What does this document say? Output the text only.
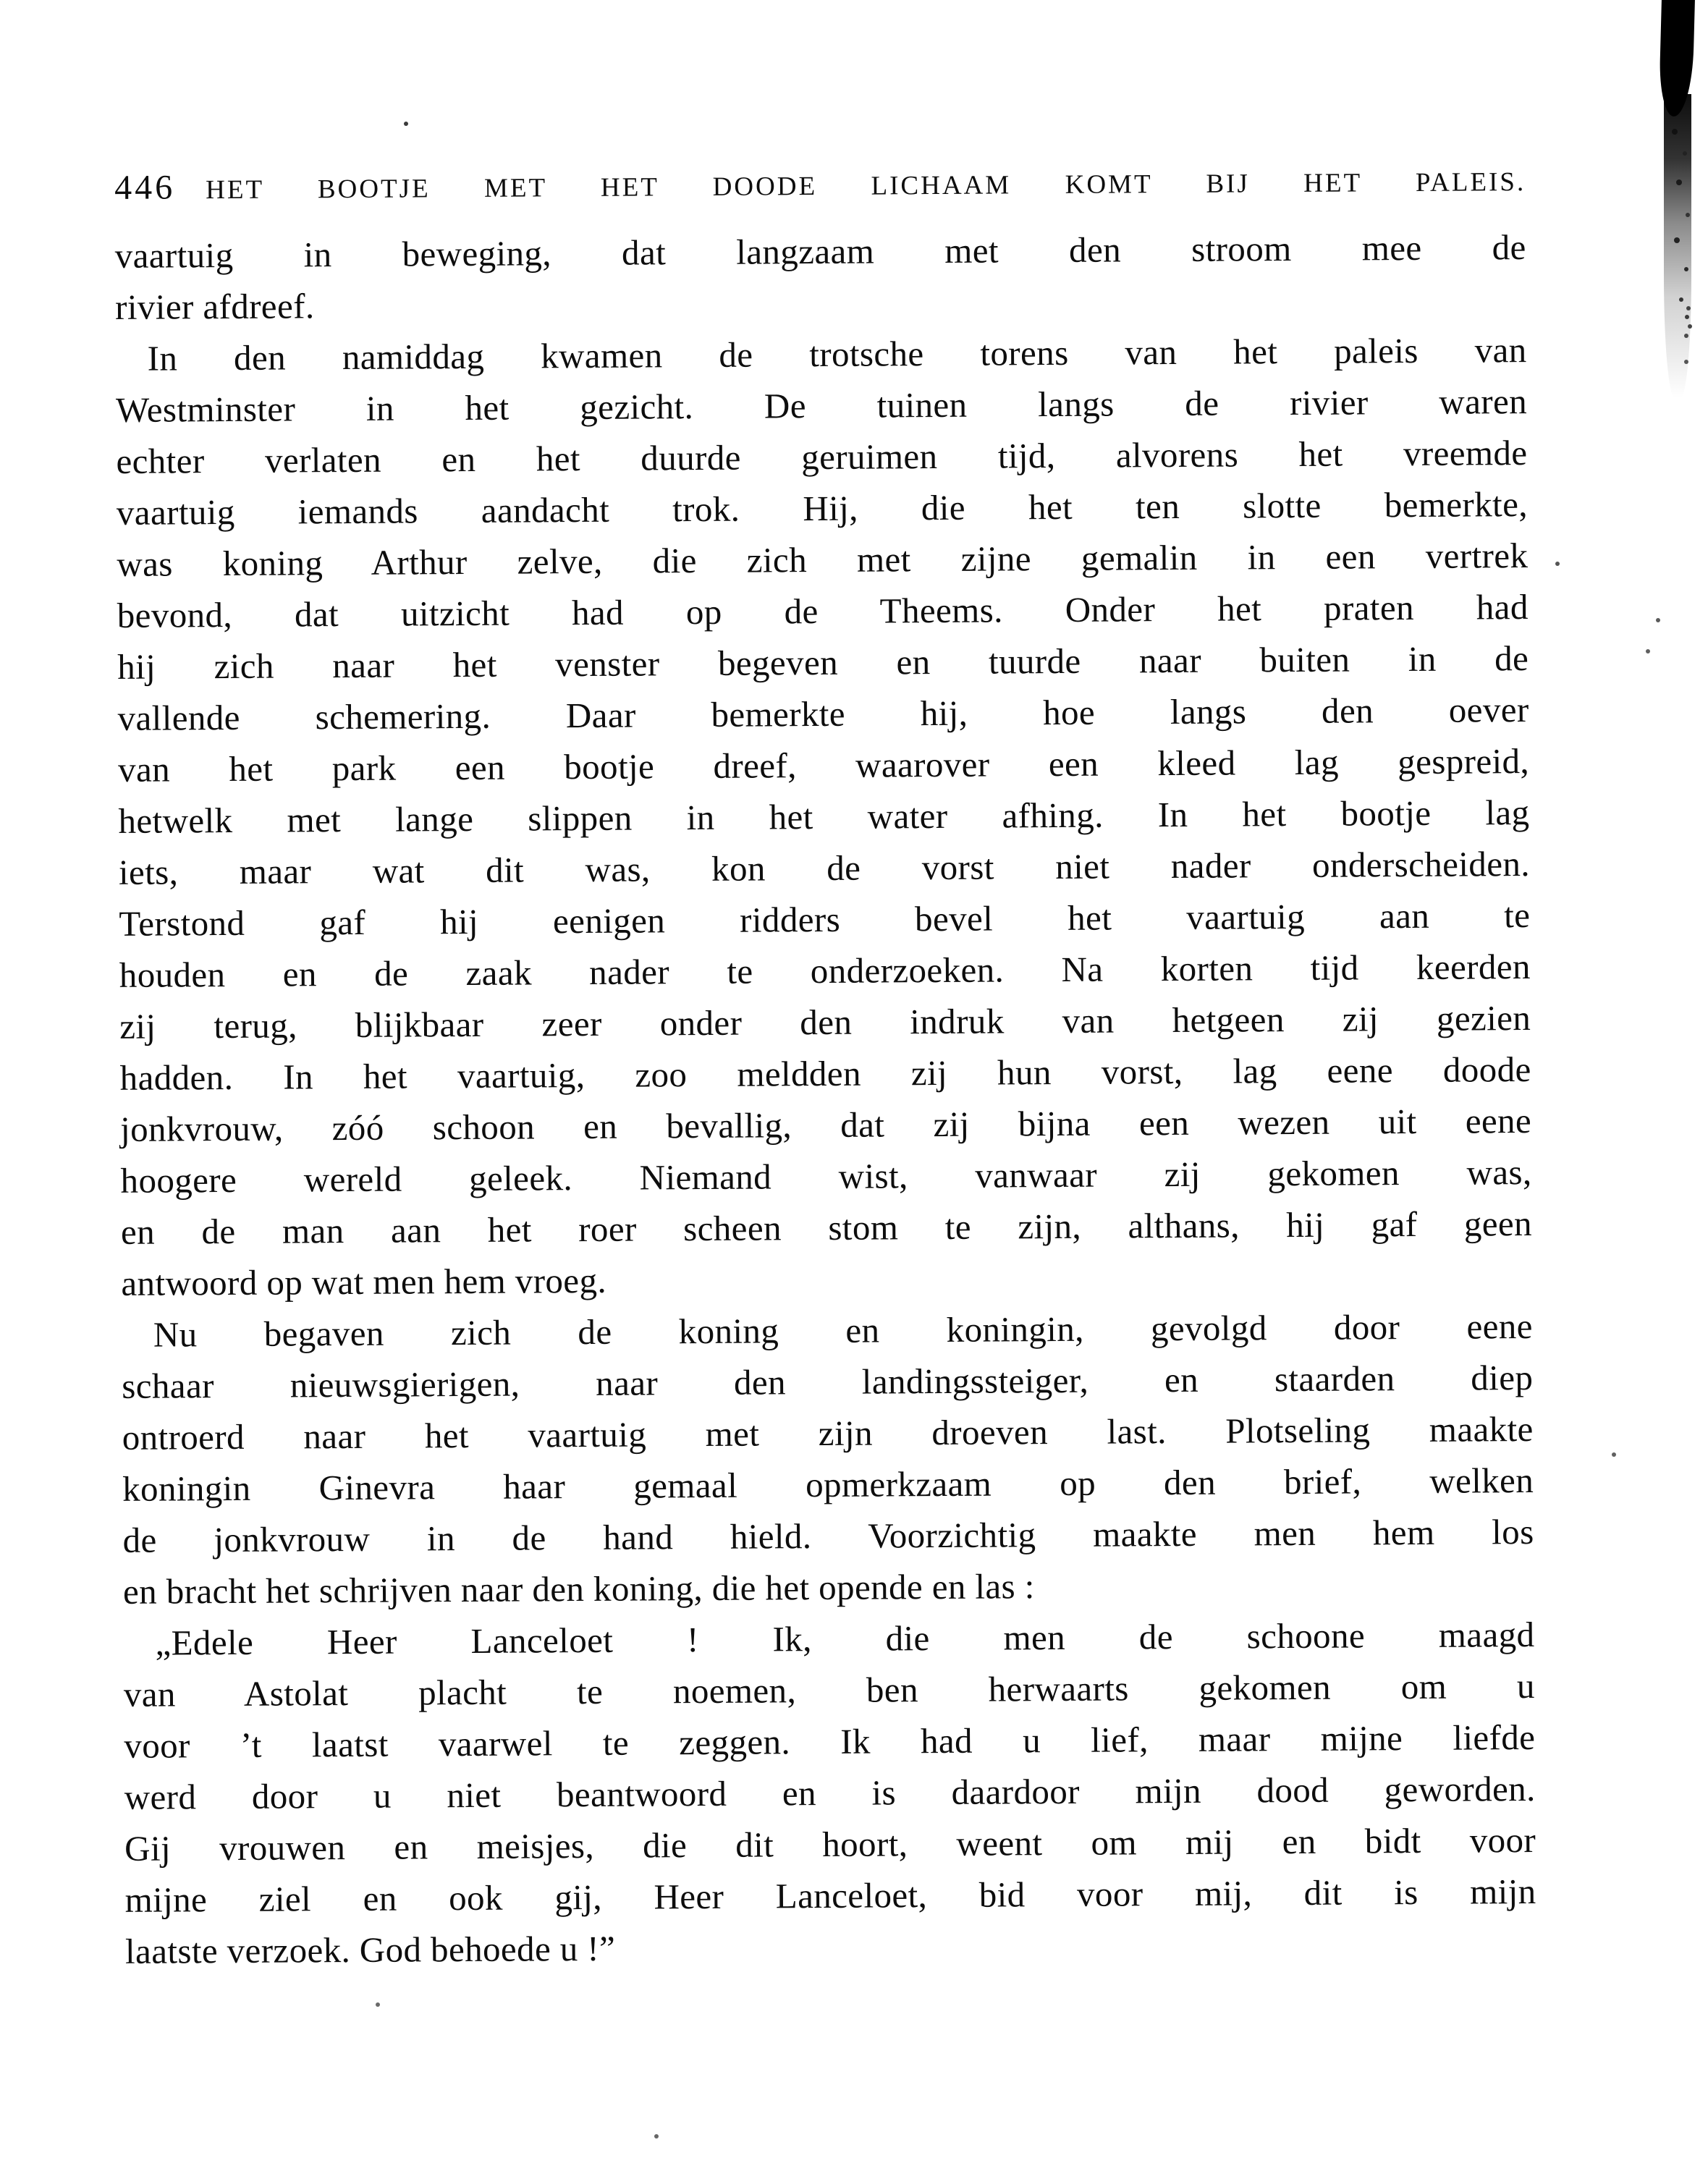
446 HET BOOTJE MET HET DOODE LICHAAM KOMT BIJ HET PALEIS.
vaartuig in beweging, dat langzaam met den stroom mee de
rivier afdreef.
In den namiddag kwamen de trotsche torens van het paleis van
Westminster in het gezicht. De tuinen langs de rivier waren
echter verlaten en het duurde geruimen tijd, alvorens het vreemde
vaartuig iemands aandacht trok. Hij, die het ten slotte bemerkte,
was koning Arthur zelve, die zich met zijne gemalin in een vertrek
bevond, dat uitzicht had op de Theems. Onder het praten had
hij zich naar het venster begeven en tuurde naar buiten in de
vallende schemering. Daar bemerkte hij, hoe langs den oever
van het park een bootje dreef, waarover een kleed lag gespreid,
hetwelk met lange slippen in het water afhing. In het bootje lag
iets, maar wat dit was, kon de vorst niet nader onderscheiden.
Terstond gaf hij eenigen ridders bevel het vaartuig aan te
houden en de zaak nader te onderzoeken. Na korten tijd keerden
zij terug, blijkbaar zeer onder den indruk van hetgeen zij gezien
hadden. In het vaartuig, zoo meldden zij hun vorst, lag eene doode
jonkvrouw, zóó schoon en bevallig, dat zij bijna een wezen uit eene
hoogere wereld geleek. Niemand wist, vanwaar zij gekomen was,
en de man aan het roer scheen stom te zijn, althans, hij gaf geen
antwoord op wat men hem vroeg.
Nu begaven zich de koning en koningin, gevolgd door eene
schaar nieuwsgierigen, naar den landingssteiger, en staarden diep
ontroerd naar het vaartuig met zijn droeven last. Plotseling maakte
koningin Ginevra haar gemaal opmerkzaam op den brief, welken
de jonkvrouw in de hand hield. Voorzichtig maakte men hem los
en bracht het schrijven naar den koning, die het opende en las :
„Edele Heer Lanceloet ! Ik, die men de schoone maagd
van Astolat placht te noemen, ben herwaarts gekomen om u
voor ’t laatst vaarwel te zeggen. Ik had u lief, maar mijne liefde
werd door u niet beantwoord en is daardoor mijn dood geworden.
Gij vrouwen en meisjes, die dit hoort, weent om mij en bidt voor
mijne ziel en ook gij, Heer Lanceloet, bid voor mij, dit is mijn
laatste verzoek. God behoede u !”
